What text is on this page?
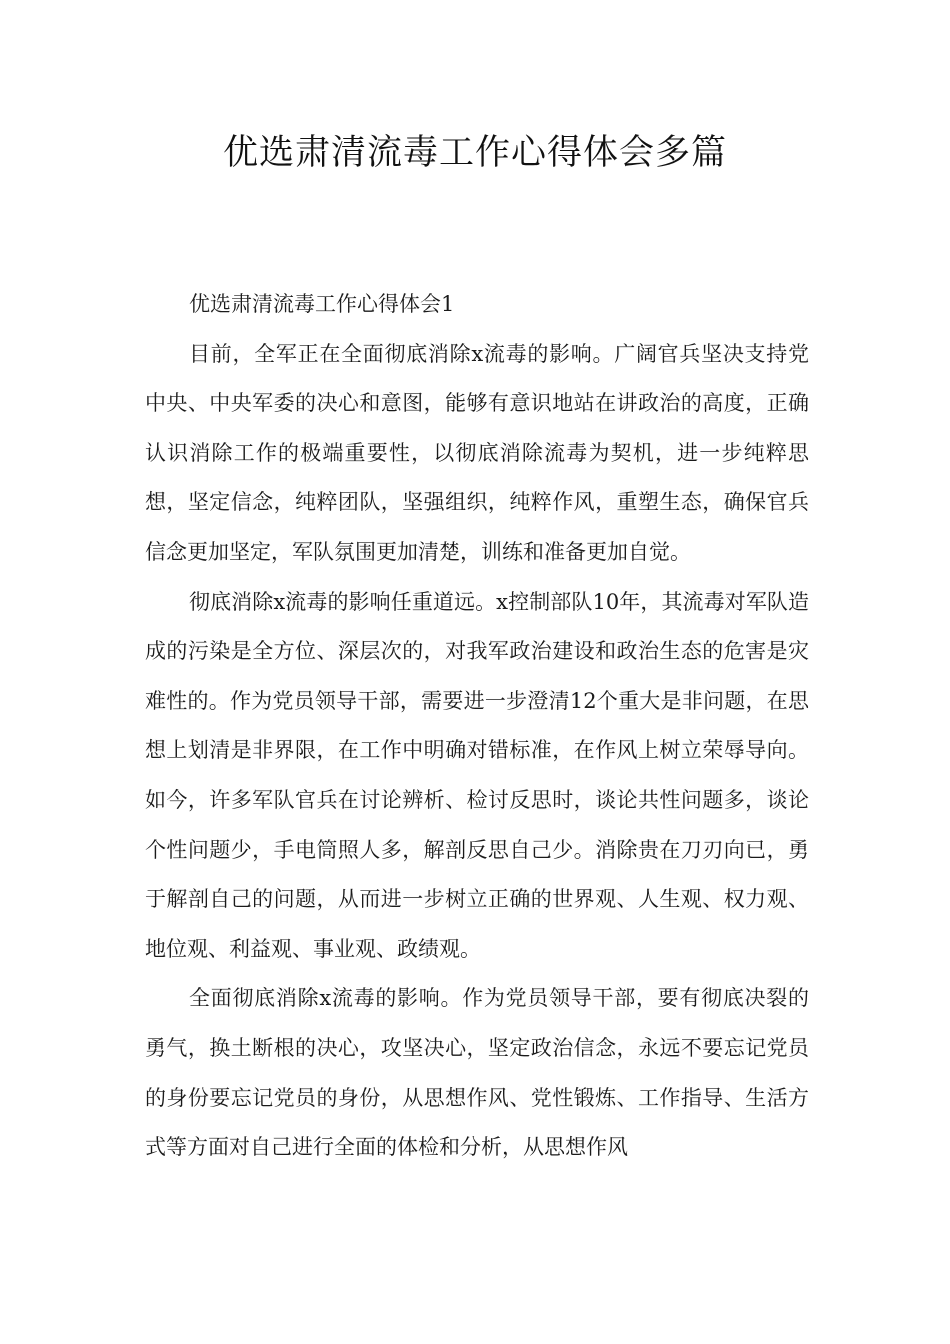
优选肃清流毒工作心得体会多篇

优选肃清流毒工作心得体会1

目前，全军正在全面彻底消除x流毒的影响。广阔官兵坚决支持党中央、中央军委的决心和意图，能够有意识地站在讲政治的高度，正确认识消除工作的极端重要性，以彻底消除流毒为契机，进一步纯粹思想，坚定信念，纯粹团队，坚强组织，纯粹作风，重塑生态，确保官兵信念更加坚定，军队氛围更加清楚，训练和准备更加自觉。

彻底消除x流毒的影响任重道远。x控制部队10年，其流毒对军队造成的污染是全方位、深层次的，对我军政治建设和政治生态的危害是灾难性的。作为党员领导干部，需要进一步澄清12个重大是非问题，在思想上划清是非界限，在工作中明确对错标准，在作风上树立荣辱导向。如今，许多军队官兵在讨论辨析、检讨反思时，谈论共性问题多，谈论个性问题少，手电筒照人多，解剖反思自己少。消除贵在刀刃向已，勇于解剖自己的问题，从而进一步树立正确的世界观、人生观、权力观、地位观、利益观、事业观、政绩观。

全面彻底消除x流毒的影响。作为党员领导干部，要有彻底决裂的勇气，换土断根的决心，攻坚决心，坚定政治信念，永远不要忘记党员的身份要忘记党员的身份，从思想作风、党性锻炼、工作指导、生活方式等方面对自己进行全面的体检和分析，从思想作风
